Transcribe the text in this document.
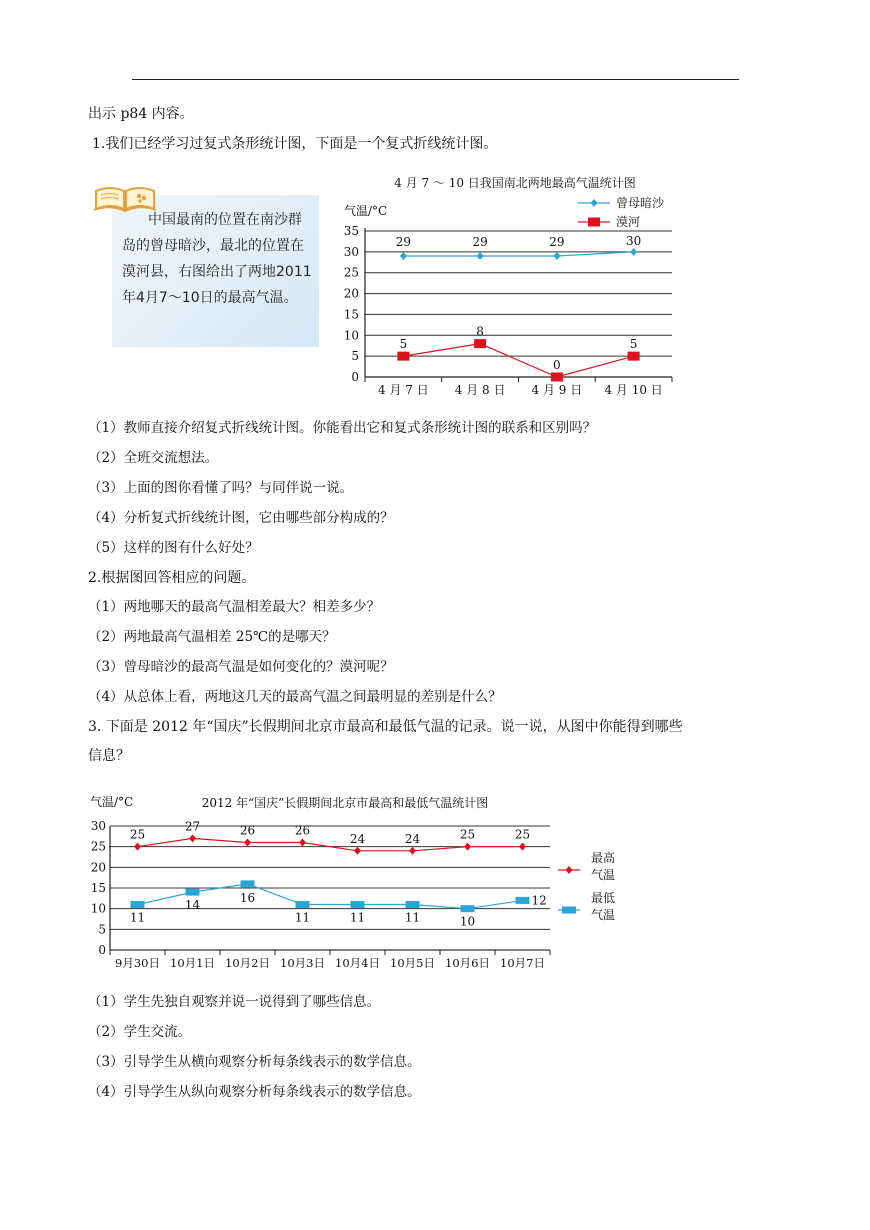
出示 p84 内容。
1.我们已经学习过复式条形统计图，下面是一个复式折线统计图。
中国最南的位置在南沙群
岛的曾母暗沙，最北的位置在
漠河县，右图给出了两地2011
年4月7～10日的最高气温。
4 月 7 ～ 10 日我国南北两地最高气温统计图
气温/°C
0
5
10
15
20
25
30
35
4 月 7 日 4 月 8 日 4 月 9 日 4 月 10 日
曾母暗沙
漠河
29	29	29	30
5
8
0
5
（1）教师直接介绍复式折线统计图。你能看出它和复式条形统计图的联系和区别吗？
（2）全班交流想法。
（3）上面的图你看懂了吗？与同伴说一说。
（4）分析复式折线统计图，它由哪些部分构成的？
（5）这样的图有什么好处？
2.根据图回答相应的问题。
（1）两地哪天的最高气温相差最大？相差多少？
（2）两地最高气温相差 25℃的是哪天？
（3）曾母暗沙的最高气温是如何变化的？漠河呢？
（4）从总体上看，两地这几天的最高气温之间最明显的差别是什么？
3. 下面是 2012 年“国庆”长假期间北京市最高和最低气温的记录。说一说，从图中你能得到哪些
信息？
2012 年“国庆”长假期间北京市最高和最低气温统计图
气温/°C
0
5
10
15
20
25
30
9月30日 10月1日 10月2日 10月3日 10月4日 10月5日 10月6日 10月7日
最高
气温
最低
气温
25
27	26	26
24	24	25	25
11
14
16
11	11	11	10
12
（1）学生先独自观察并说一说得到了哪些信息。
（2）学生交流。
（3）引导学生从横向观察分析每条线表示的数学信息。
（4）引导学生从纵向观察分析每条线表示的数学信息。
